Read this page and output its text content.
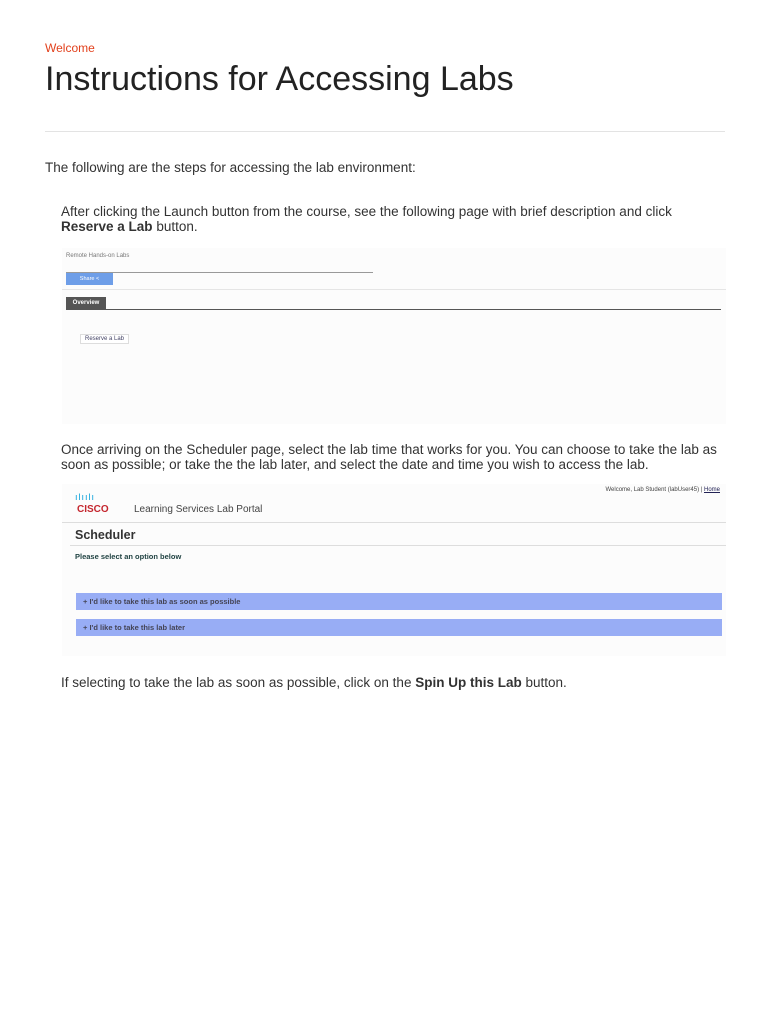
Welcome
Instructions for Accessing Labs
The following are the steps for accessing the lab environment:
After clicking the Launch button from the course, see the following page with brief description and click Reserve a Lab button.
Remote Hands-on Labs
Share <
Overview
Reserve a Lab
Once arriving on the Scheduler page, select the lab time that works for you. You can choose to take the lab as soon as possible; or take the the lab later, and select the date and time you wish to access the lab.
ılıılı
CISCO	Learning Services Lab Portal
Welcome, Lab Student (labUser45) | Home
Scheduler
Please select an option below
+ I'd like to take this lab as soon as possible
+ I'd like to take this lab later
If selecting to take the lab as soon as possible, click on the Spin Up this Lab button.
